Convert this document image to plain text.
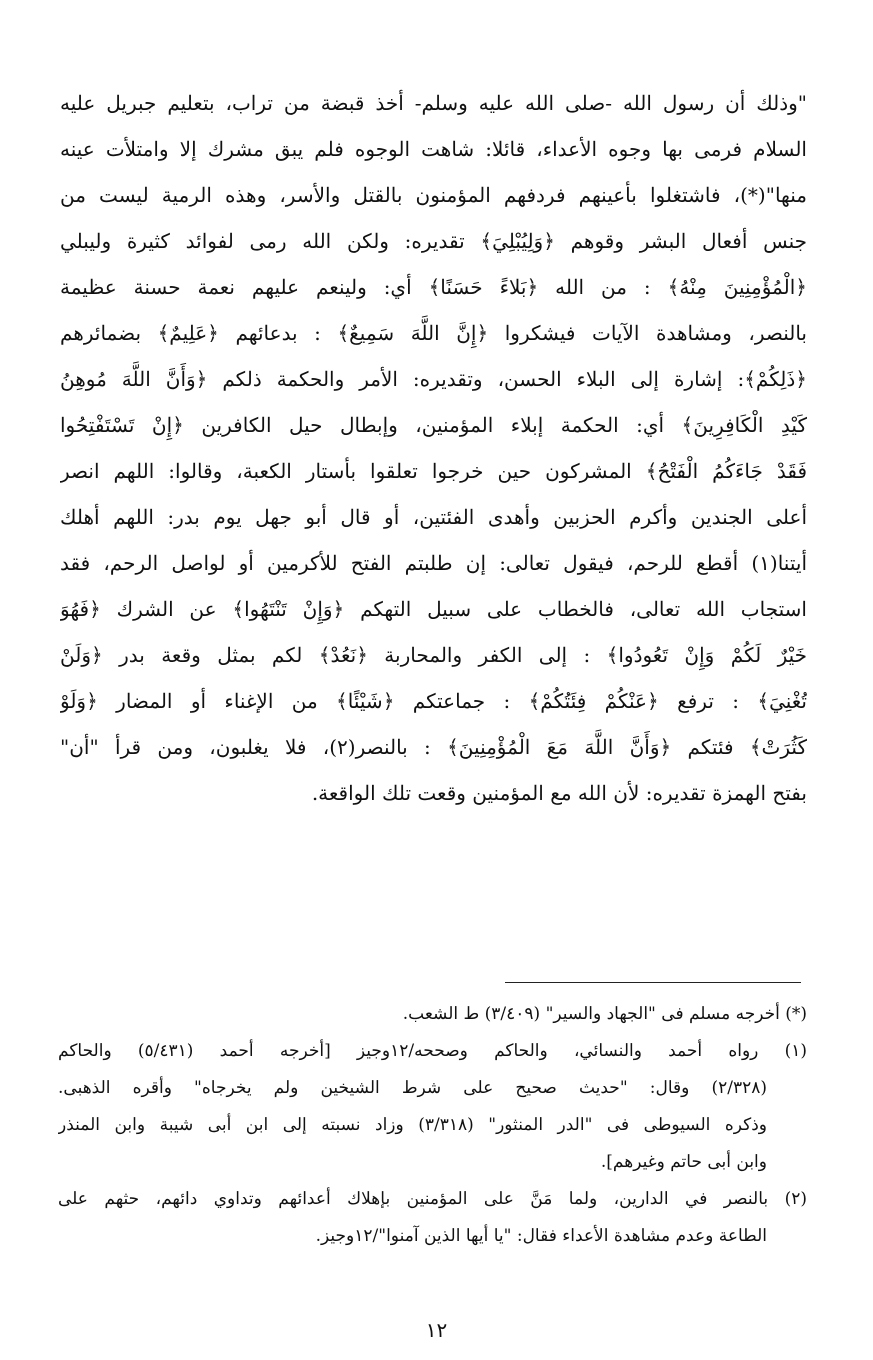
"وذلك أن رسول الله -صلى الله عليه وسلم- أخذ قبضة من تراب، بتعليم جبريل عليه
السلام فرمى بها وجوه الأعداء، قائلا: شاهت الوجوه فلم يبق مشرك إلا وامتلأت عينه
منها"(*)، فاشتغلوا بأعينهم فردفهم المؤمنون بالقتل والأسر، وهذه الرمية ليست من
جنس أفعال البشر وقوهم ﴿وَلِيُبْلِيَ﴾ تقديره: ولكن الله رمى لفوائد كثيرة وليبلي
﴿الْمُؤْمِنِينَ مِنْهُ﴾ : من الله ﴿بَلاءً حَسَنًا﴾ أي: ولينعم عليهم نعمة حسنة عظيمة
بالنصر، ومشاهدة الآيات فيشكروا ﴿إِنَّ اللَّهَ سَمِيعٌ﴾ : بدعائهم ﴿عَلِيمٌ﴾ بضمائرهم
﴿ذَلِكُمْ﴾: إشارة إلى البلاء الحسن، وتقديره: الأمر والحكمة ذلكم ﴿وَأَنَّ اللَّهَ مُوهِنُ
كَيْدِ الْكَافِرِينَ﴾ أي: الحكمة إبلاء المؤمنين، وإبطال حيل الكافرين ﴿إِنْ تَسْتَفْتِحُوا
فَقَدْ جَاءَكُمُ الْفَتْحُ﴾ المشركون حين خرجوا تعلقوا بأستار الكعبة، وقالوا: اللهم انصر
أعلى الجندين وأكرم الحزبين وأهدى الفئتين، أو قال أبو جهل يوم بدر: اللهم أهلك
أيتنا(١) أقطع للرحم، فيقول تعالى: إن طلبتم الفتح للأكرمين أو لواصل الرحم، فقد
استجاب الله تعالى، فالخطاب على سبيل التهكم ﴿وَإِنْ تَنْتَهُوا﴾ عن الشرك ﴿فَهُوَ
خَيْرٌ لَكُمْ وَإِنْ تَعُودُوا﴾ : إلى الكفر والمحاربة ﴿نَعُدْ﴾ لكم بمثل وقعة بدر ﴿وَلَنْ
تُغْنِيَ﴾ : ترفع ﴿عَنْكُمْ فِئَتُكُمْ﴾ : جماعتكم ﴿شَيْئًا﴾ من الإغناء أو المضار ﴿وَلَوْ
كَثُرَتْ﴾ فئتكم ﴿وَأَنَّ اللَّهَ مَعَ الْمُؤْمِنِينَ﴾ : بالنصر(٢)، فلا يغلبون، ومن قرأ "أن"
بفتح الهمزة تقديره: لأن الله مع المؤمنين وقعت تلك الواقعة.
(*) أخرجه مسلم فى "الجهاد والسير" (٣/٤٠٩) ط الشعب.
(١) رواه أحمد والنسائي، والحاكم وصححه/١٢وجيز [أخرجه أحمد (٥/٤٣١) والحاكم
(٢/٣٢٨) وقال: "حديث صحيح على شرط الشيخين ولم يخرجاه" وأقره الذهبى.
وذكره السيوطى فى "الدر المنثور" (٣/٣١٨) وزاد نسبته إلى ابن أبى شيبة وابن المنذر
وابن أبى حاتم وغيرهم].
(٢) بالنصر في الدارين، ولما مَنَّ على المؤمنين بإهلاك أعدائهم وتداوي دائهم، حثهم على
الطاعة وعدم مشاهدة الأعداء فقال: "يا أيها الذين آمنوا"/١٢وجيز.
١٢
